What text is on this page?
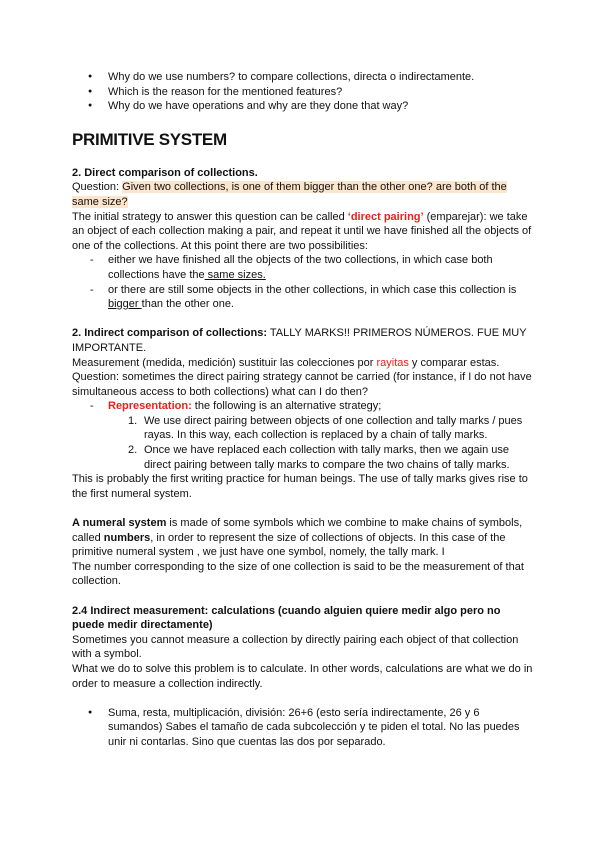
● Why do we use numbers? to compare collections, directa o indirectamente.
● Which is the reason for the mentioned features?
● Why do we have operations and why are they done that way?
PRIMITIVE SYSTEM

2. Direct comparison of collections.

Question: Given two collections, is one of them bigger than the other one? are both of the same size?

The initial strategy to answer this question can be called ‘direct pairing’ (emparejar): we take an object of each collection making a pair, and repeat it until we have finished all the objects of one of the collections. At this point there are two possibilities:

- either we have finished all the objects of the two collections, in which case both collections have the same sizes.
- or there are still some objects in the other collections, in which case this collection is bigger than the other one.

2. Indirect comparison of collections: TALLY MARKS!! PRIMEROS NÚMEROS. FUE MUY IMPORTANTE.

Measurement (medida, medición) sustituir las colecciones por rayitas y comparar estas.

Question: sometimes the direct pairing strategy cannot be carried (for instance, if I do not have simultaneous access to both collections) what can I do then?

- Representation: the following is an alternative strategy;
1. We use direct pairing between objects of one collection and tally marks / pues rayas. In this way, each collection is replaced by a chain of tally marks.
2. Once we have replaced each collection with tally marks, then we again use direct pairing between tally marks to compare the two chains of tally marks.

This is probably the first writing practice for human beings. The use of tally marks gives rise to the first numeral system.

A numeral system is made of some symbols which we combine to make chains of symbols, called numbers, in order to represent the size of collections of objects. In this case of the primitive numeral system , we just have one symbol, nomely, the tally mark. I

The number corresponding to the size of one collection is said to be the measurement of that collection.

2.4 Indirect measurement: calculations (cuando alguien quiere medir algo pero no puede medir directamente)

Sometimes you cannot measure a collection by directly pairing each object of that collection with a symbol.

What we do to solve this problem is to calculate. In other words, calculations are what we do in order to measure a collection indirectly.

● Suma, resta, multiplicación, división: 26+6 (esto sería indirectamente, 26 y 6 sumandos) Sabes el tamaño de cada subcolección y te piden el total. No las puedes unir ni contarlas. Sino que cuentas las dos por separado.
